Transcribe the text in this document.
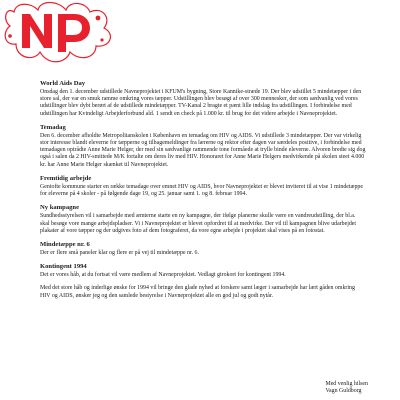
World Aids Day
Onsdag den 1. december udstillede Navneprojektet i KFUM's bygning, Store Kannike-stræde 19. Der blev udstillet 5 mindetæpper i den store sal, der var en smuk rammе omkring vores tæpper. Udstillingen blev besøgt af over 300 mennesker, der som sædvanlig ved vores udstillinger blev dybt berørt af de udstillede mindetæpper. TV-Kanal 2 bragte et pænt lille indslag fra udstillingen. I forbindelse med udstillingen har Kvindeligt Arbejderforbund ald. 1 sendt en check på 1.000 kr. til brug for det videre arbejde i Navneprojektet.
Temadag
Den 6. december afholdte Metropolitanskolen i København en temadag om HIV og AIDS. Vi udstillede 3 mindetæpper. Der var virkelig stor interesse blandt eleverne for tæpperne og tilbagemeldinger fra lærerne og rektor efter dagen var særdeles positive, i forbindelse med temadagen optrådte Anne Marie Helger, der med sin sædvanlige rammende tone formåede at trylle binde eleverne. Alvoren bredte sig dog også i salen da 2 HIV-smittede M/K fortalte om deres liv med HIV. Honoraret for Anne Marie Helgers medvirkende på skolen steet 4.000 kr. har Anne Marie Helger skænket til Navneprojektet.
Fremtidig arbejde
Gentofte kommune starter en række temadage over emnet HIV og AIDS, hvor Navneprojektet er blevet inviteret til at vise 1 mindetæppe for eleverne på 4 skoler - på følgende dage 19, og 25. januar samt 1. og 8. februar 1994.
Ny kampagne
Sundhedsstyrelsen vil i samarbejde med æmterne starte en ny kampagne, der ifølge planerne skulle være en vandreudstilling, der bl.a. skal besøge vore mange arbejdspladser. Vi i Navneprojektet er blevet opfordret til at medvirke. Der vil til kampagnen blive udarbejdet plakater af vore tæpper og der udgives foto af dem fotograferet, da vore egne arbejde i projektet skal vises på en fotostat.
Mindetæppe nr. 6
Der er flere små paneler klar og flere er på vej til mindetæppe nr. 6.
Kontingent 1994
Det er vores håb, at du fortsat vil være medlem af Navneprojektet. Vedlagt girokort for kontingent 1994.
Med det store håb og inderlige ønske for 1994 vil bringe den glade nyhed at forskere samt læger i samarbejde har lært gåden omkring HIV og AIDS, ønsker jeg og den samlede bestyrelse i Navneprojektet alle en god jul og godt nytår.
Med venlig hilsen
Vagn Guldborg
